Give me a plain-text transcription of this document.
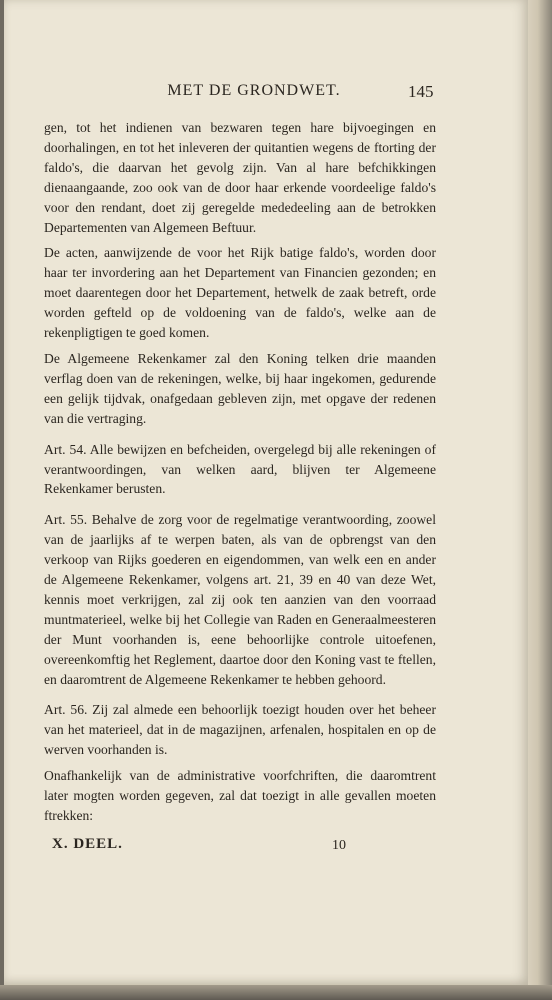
MET DE GRONDWET.	145

gen, tot het indienen van bezwaren tegen hare bijvoegingen en doorhalingen, en tot het inleveren der quitantien wegens de ftorting der faldo's, die daarvan het gevolg zijn. Van al hare befchikkingen dienaangaande, zoo ook van de door haar erkende voordeelige faldo's voor den rendant, doet zij geregelde mededeeling aan de betrokken Departementen van Algemeen Beftuur.

De acten, aanwijzende de voor het Rijk batige faldo's, worden door haar ter invordering aan het Departement van Financien gezonden; en moet daarentegen door het Departement, hetwelk de zaak betreft, orde worden gefteld op de voldoening van de faldo's, welke aan de rekenpligtigen te goed komen.

De Algemeene Rekenkamer zal den Koning telken drie maanden verflag doen van de rekeningen, welke, bij haar ingekomen, gedurende een gelijk tijdvak, onafgedaan gebleven zijn, met opgave der redenen van die vertraging.

Art. 54. Alle bewijzen en befcheiden, overgelegd bij alle rekeningen of verantwoordingen, van welken aard, blijven ter Algemeene Rekenkamer berusten.

Art. 55. Behalve de zorg voor de regelmatige verantwoording, zoowel van de jaarlijks af te werpen baten, als van de opbrengst van den verkoop van Rijks goederen en eigendommen, van welk een en ander de Algemeene Rekenkamer, volgens art. 21, 39 en 40 van deze Wet, kennis moet verkrijgen, zal zij ook ten aanzien van den voorraad muntmaterieel, welke bij het Collegie van Raden en Generaalmeesteren der Munt voorhanden is, eene behoorlijke controle uitoefenen, overeenkomftig het Reglement, daartoe door den Koning vast te ftellen, en daaromtrent de Algemeene Rekenkamer te hebben gehoord.

Art. 56. Zij zal almede een behoorlijk toezigt houden over het beheer van het materieel, dat in de magazijnen, arfenalen, hospitalen en op de werven voorhanden is.

Onafhankelijk van de administrative voorfchriften, die daaromtrent later mogten worden gegeven, zal dat toezigt in alle gevallen moeten ftrekken:

X. DEEL.	10
